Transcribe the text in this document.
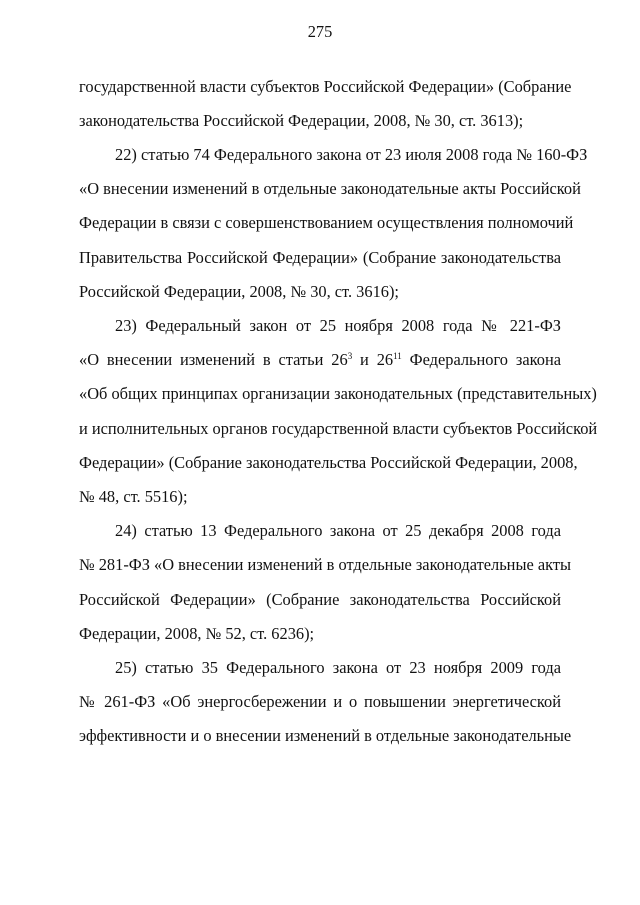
275
государственной власти субъектов Российской Федерации» (Собрание
законодательства Российской Федерации, 2008, № 30, ст. 3613);
22) статью 74 Федерального закона от 23 июля 2008 года № 160-ФЗ
«О внесении изменений в отдельные законодательные акты Российской
Федерации в связи с совершенствованием осуществления полномочий
Правительства Российской Федерации» (Собрание законодательства
Российской Федерации, 2008, № 30, ст. 3616);
23) Федеральный закон от 25 ноября 2008 года № 221-ФЗ
«О внесении изменений в статьи $26^3$ и $26^{11}$ Федерального закона
«Об общих принципах организации законодательных (представительных)
и исполнительных органов государственной власти субъектов Российской
Федерации» (Собрание законодательства Российской Федерации, 2008,
№ 48, ст. 5516);
24) статью 13 Федерального закона от 25 декабря 2008 года
№ 281-ФЗ «О внесении изменений в отдельные законодательные акты
Российской Федерации» (Собрание законодательства Российской
Федерации, 2008, № 52, ст. 6236);
25) статью 35 Федерального закона от 23 ноября 2009 года
№ 261-ФЗ «Об энергосбережении и о повышении энергетической
эффективности и о внесении изменений в отдельные законодательные
